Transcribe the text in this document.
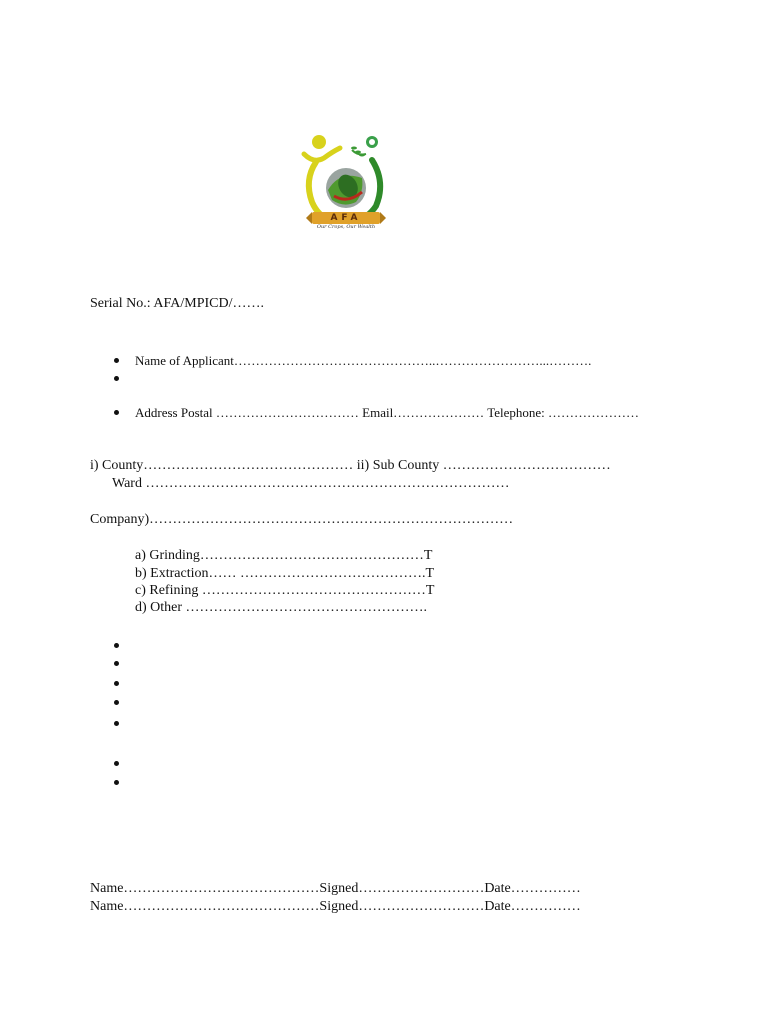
AFA
Our Crops, Our Wealth
Serial No.: AFA/MPICD/…….
Name of Applicant………………………………………..……………………...……….
Address Postal …………………………… Email………………… Telephone: …………………
i) County……………………………………… ii) Sub County ………………………………
Ward ……………………………………………………………………
Company)……………………………………………………………………
a) Grinding…………………………………………T
b) Extraction…… ………………………………….T
c) Refining …………………………………………T
d) Other …………………………………………….
Name……………………………………Signed………………………Date……………
Name……………………………………Signed………………………Date……………
